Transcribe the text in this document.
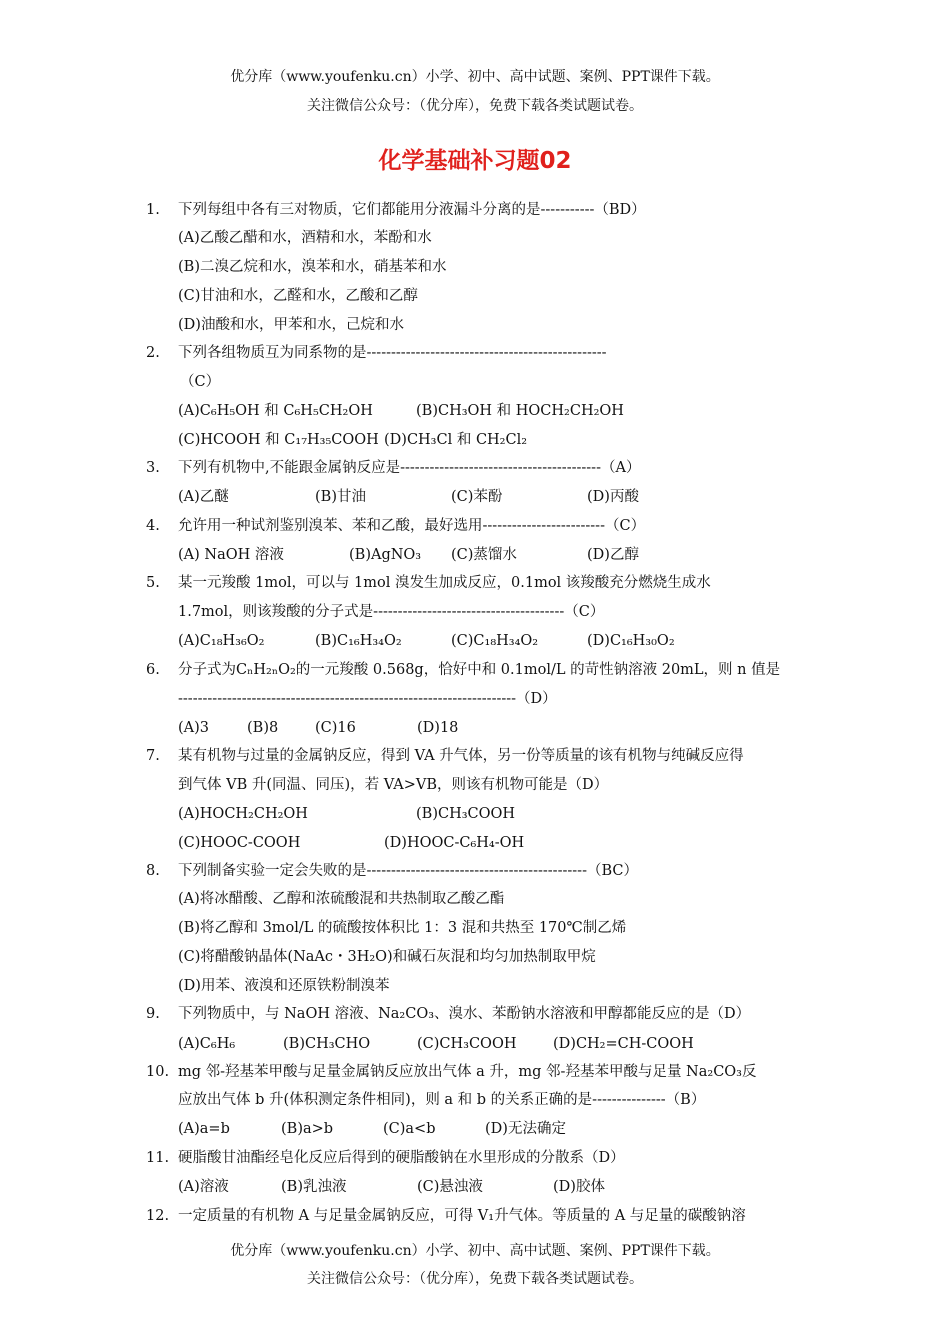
优分库（www.youfenku.cn）小学、初中、高中试题、案例、PPT课件下载。
关注微信公众号：（优分库），免费下载各类试题试卷。
化学基础补习题02
1. 下列每组中各有三对物质，它们都能用分液漏斗分离的是-----------（BD）
(A)乙酸乙醋和水，酒精和水，苯酚和水
(B)二溴乙烷和水，溴苯和水，硝基苯和水
(C)甘油和水，乙醛和水，乙酸和乙醇
(D)油酸和水，甲苯和水，己烷和水
2. 下列各组物质互为同系物的是-------------------------------------------------
（C）
(A)C₆H₅OH 和 C₆H₅CH₂OH	(B)CH₃OH 和 HOCH₂CH₂OH
(C)HCOOH 和 C₁₇H₃₅COOH (D)CH₃Cl 和 CH₂Cl₂
3. 下列有机物中,不能跟金属钠反应是-----------------------------------------（A）
(A)乙醚	(B)甘油	(C)苯酚	(D)丙酸
4. 允许用一种试剂鉴别溴苯、苯和乙酸，最好选用-------------------------（C）
(A) NaOH 溶液	(B)AgNO₃ (C)蒸馏水	(D)乙醇
5. 某一元羧酸 1mol，可以与 1mol 溴发生加成反应，0.1mol 该羧酸充分燃烧生成水
1.7mol，则该羧酸的分子式是---------------------------------------（C）
(A)C₁₈H₃₆O₂	(B)C₁₆H₃₄O₂	(C)C₁₈H₃₄O₂	(D)C₁₆H₃₀O₂
6. 分子式为CₙH₂ₙO₂的一元羧酸 0.568g，恰好中和 0.1mol/L 的苛性钠溶液 20mL，则 n 值是
---------------------------------------------------------------------（D）
(A)3	(B)8	(C)16	(D)18
7. 某有机物与过量的金属钠反应，得到 VA 升气体，另一份等质量的该有机物与纯碱反应得
到气体 VB 升(同温、同压)，若 VA>VB，则该有机物可能是（D）
(A)HOCH₂CH₂OH	(B)CH₃COOH
(C)HOOC-COOH	(D)HOOC-C₆H₄-OH
8. 下列制备实验一定会失败的是---------------------------------------------（BC）
(A)将冰醋酸、乙醇和浓硫酸混和共热制取乙酸乙酯
(B)将乙醇和 3mol/L 的硫酸按体积比 1：3 混和共热至 170℃制乙烯
(C)将醋酸钠晶体(NaAc・3H₂O)和碱石灰混和均匀加热制取甲烷
(D)用苯、液溴和还原铁粉制溴苯
9. 下列物质中，与 NaOH 溶液、Na₂CO₃、溴水、苯酚钠水溶液和甲醇都能反应的是（D）
(A)C₆H₆	(B)CH₃CHO	(C)CH₃COOH	(D)CH₂=CH-COOH
10. mg 邻-羟基苯甲酸与足量金属钠反应放出气体 a 升，mg 邻-羟基苯甲酸与足量 Na₂CO₃反
应放出气体 b 升(体积测定条件相同)，则 a 和 b 的关系正确的是---------------（B）
(A)a=b	(B)a>b	(C)a<b	(D)无法确定
11. 硬脂酸甘油酯经皂化反应后得到的硬脂酸钠在水里形成的分散系（D）
(A)溶液	(B)乳浊液	(C)悬浊液	(D)胶体
12. 一定质量的有机物 A 与足量金属钠反应，可得 V₁升气体。等质量的 A 与足量的碳酸钠溶
优分库（www.youfenku.cn）小学、初中、高中试题、案例、PPT课件下载。
关注微信公众号：（优分库），免费下载各类试题试卷。
